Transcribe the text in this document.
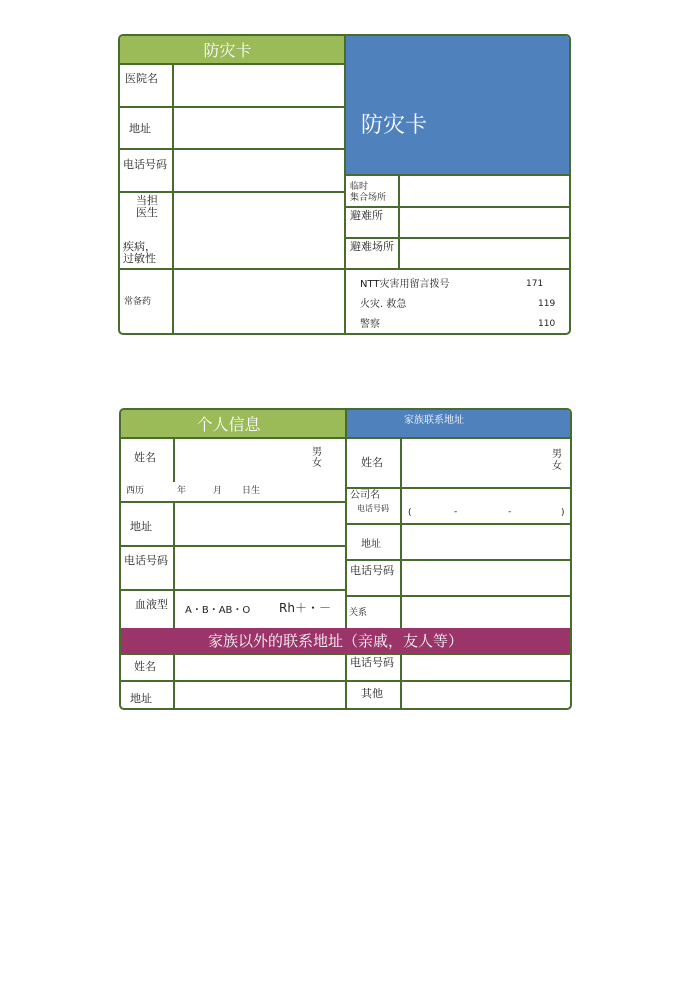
防灾卡
防灾卡
医院名
地址
电话号码
当担
医生
疾病，
过敏性
常备药
临时
集合场所
避难所
避难场所
NTT灾害用留言拨号	171
火灾. 救急	119
警察	110
个人信息	家族联系地址
姓名	男
女
西历	年	月 日生
地址
电话号码
血液型 A・B・AB・O Rh＋・－
姓名
男
女
公司名
电话号码 (	-	-	)
地址
电话号码
关系
家族以外的联系地址（亲戚，友人等）
姓名
地址
电话号码
其他
